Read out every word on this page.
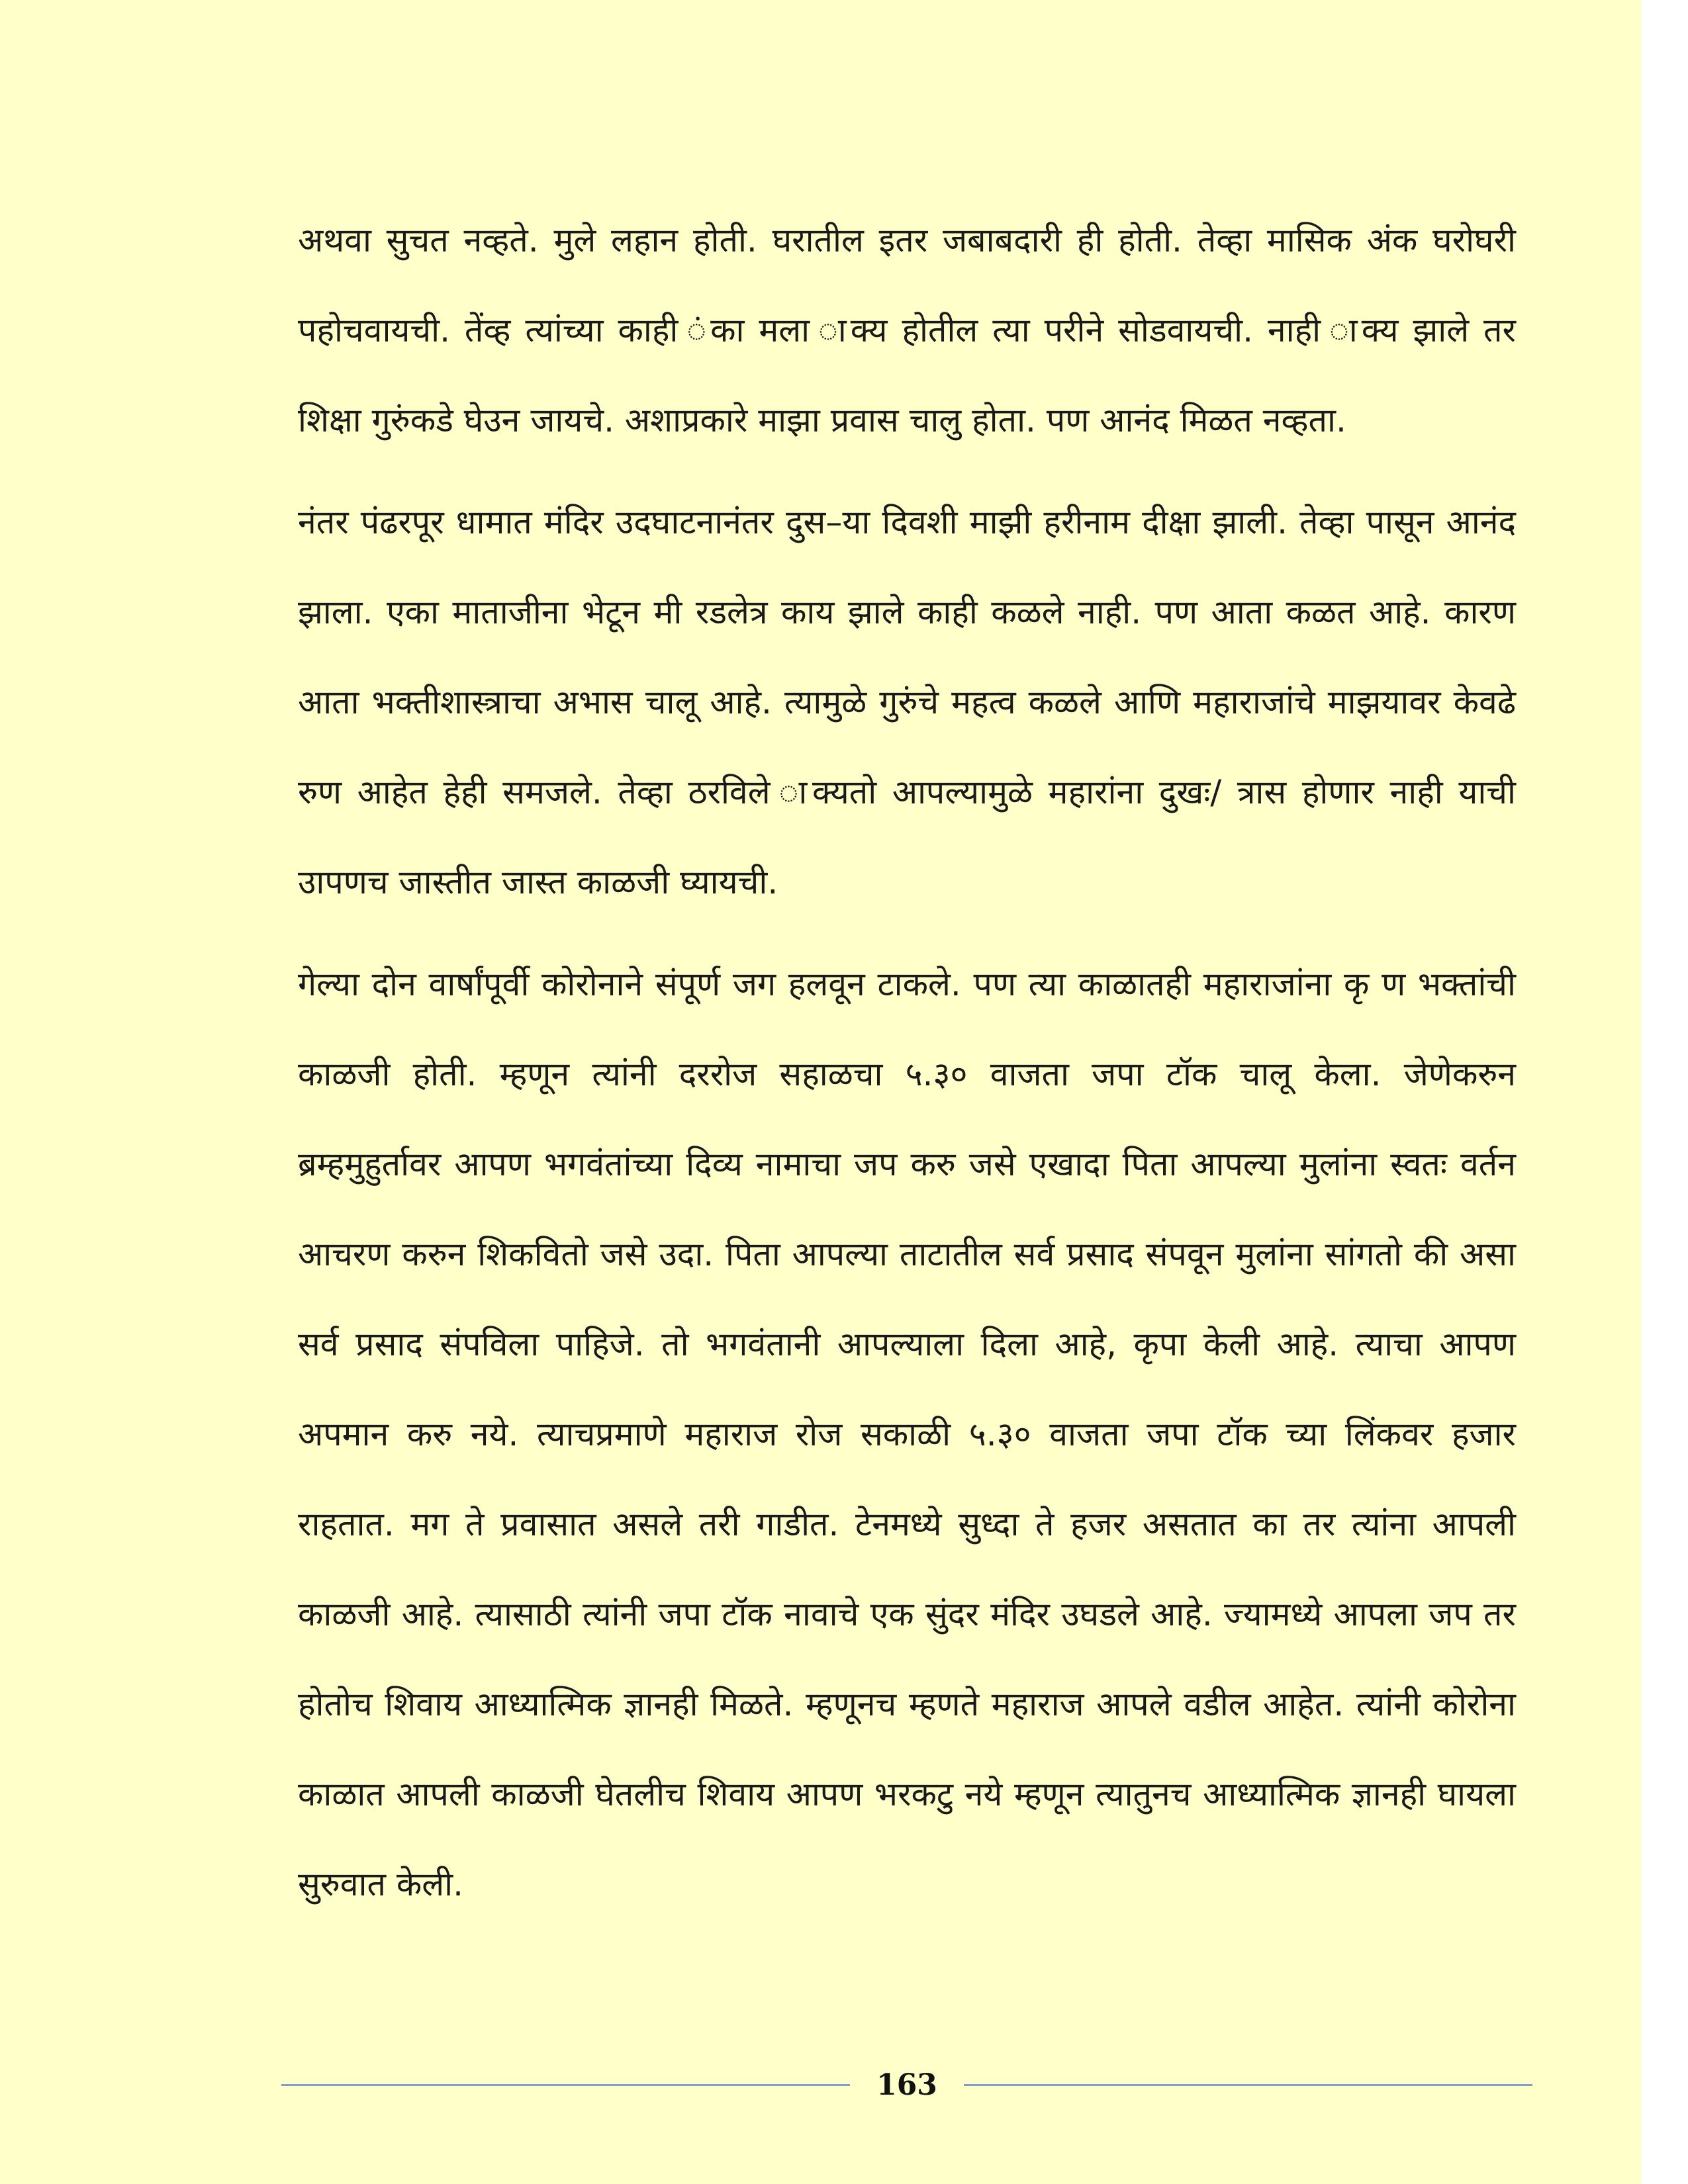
अथवा सुचत नव्हते. मुले लहान होती. घरातील इतर जबाबदारी ही होती. तेव्हा मासिक अंक घरोघरी पहोचवायची. तेंव्ह त्यांच्या काही ंका मला ाक्य होतील त्या परीने सोडवायची. नाही ाक्य झाले तर शिक्षा गुरुंकडे घेउन जायचे. अशाप्रकारे माझा प्रवास चालु होता. पण आनंद मिळत नव्हता.

नंतर पंढरपूर धामात मंदिर उदघाटनानंतर दुस–या दिवशी माझी हरीनाम दीक्षा झाली. तेव्हा पासून आनंद झाला. एका माताजीना भेटून मी रडलेत्र काय झाले काही कळले नाही. पण आता कळत आहे. कारण आता भक्तीशास्त्राचा अभास चालू आहे. त्यामुळे गुरुंचे महत्व कळले आणि महाराजांचे माझयावर केवढे रुण आहेत हेही समजले. तेव्हा ठरविले ाक्यतो आपल्यामुळे महारांना दुखः/ त्रास होणार नाही याची उापणच जास्तीत जास्त काळजी घ्यायची.

गेल्या दोन वार्षांपूर्वी कोरोनाने संपूर्ण जग हलवून टाकले. पण त्या काळातही महाराजांना कृ ण भक्तांची काळजी होती. म्हणून त्यांनी दररोज सहाळचा ५.३० वाजता जपा टॉक चालू केला. जेणेकरुन ब्रम्हमुहुर्तावर आपण भगवंतांच्या दिव्य नामाचा जप करु जसे एखादा पिता आपल्या मुलांना स्वतः वर्तन आचरण करुन शिकवितो जसे उदा. पिता आपल्या ताटातील सर्व प्रसाद संपवून मुलांना सांगतो की असा सर्व प्रसाद संपविला पाहिजे. तो भगवंतानी आपल्याला दिला आहे, कृपा केली आहे. त्याचा आपण अपमान करु नये. त्याचप्रमाणे महाराज रोज सकाळी ५.३० वाजता जपा टॉक च्या लिंकवर हजार राहतात. मग ते प्रवासात असले तरी गाडीत. टेनमध्ये सुध्दा ते हजर असतात का तर त्यांना आपली काळजी आहे. त्यासाठी त्यांनी जपा टॉक नावाचे एक सुंदर मंदिर उघडले आहे. ज्यामध्ये आपला जप तर होतोच शिवाय आध्यात्मिक ज्ञानही मिळते. म्हणूनच म्हणते महाराज आपले वडील आहेत. त्यांनी कोरोना काळात आपली काळजी घेतलीच शिवाय आपण भरकटु नये म्हणून त्यातुनच आध्यात्मिक ज्ञानही घायला सुरुवात केली.

163
